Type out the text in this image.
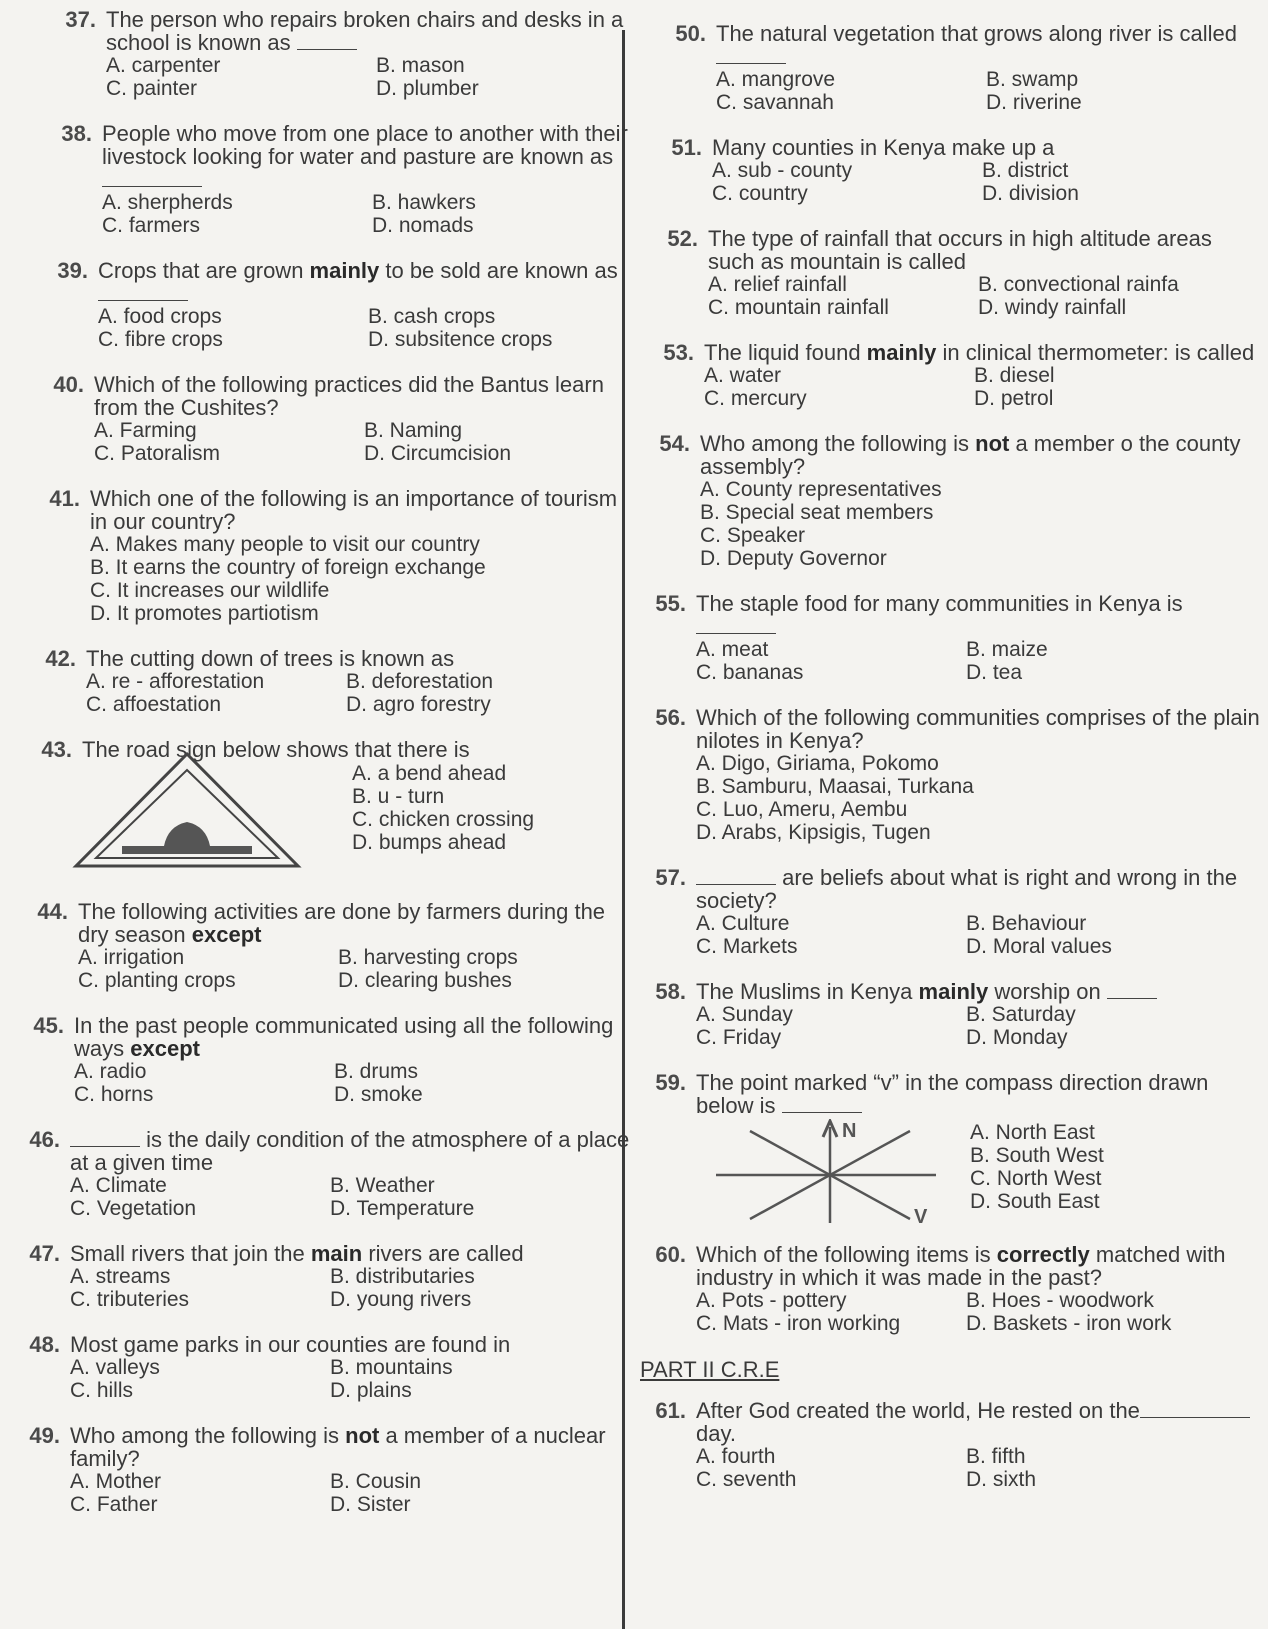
37. The person who repairs broken chairs and desks in a school is known as
A. carpenter	B. mason
C. painter	D. plumber
38. People who move from one place to another with their livestock looking for water and pasture are known as
A. sherpherds	B. hawkers
C. farmers	D. nomads
39. Crops that are grown mainly to be sold are known as
A. food crops	B. cash crops
C. fibre crops	D. subsitence crops
40. Which of the following practices did the Bantus learn from the Cushites?
A. Farming	B. Naming
C. Patoralism	D. Circumcision
41. Which one of the following is an importance of tourism in our country?
A. Makes many people to visit our country
B. It earns the country of foreign exchange
C. It increases our wildlife
D. It promotes partiotism
42. The cutting down of trees is known as
A. re - afforestation	B. deforestation
C. affoestation	D. agro forestry
43. The road sign below shows that there is
A. a bend ahead
B. u - turn
C. chicken crossing
D. bumps ahead
44. The following activities are done by farmers during the dry season except
A. irrigation	B. harvesting crops
C. planting crops	D. clearing bushes
45. In the past people communicated using all the following ways except
A. radio	B. drums
C. horns	D. smoke
46.	is the daily condition of the atmosphere of a place at a given time
A. Climate	B. Weather
C. Vegetation	D. Temperature
47. Small rivers that join the main rivers are called
A. streams	B. distributaries
C. tributeries	D. young rivers
48. Most game parks in our counties are found in
A. valleys	B. mountains
C. hills	D. plains
49. Who among the following is not a member of a nuclear family?
A. Mother	B. Cousin
C. Father	D. Sister
50. The natural vegetation that grows along river is called
A. mangrove	B. swamp
C. savannah	D. riverine
51. Many counties in Kenya make up a
A. sub - county	B. district
C. country	D. division
52. The type of rainfall that occurs in high altitude areas such as mountain is called
A. relief rainfall	B. convectional rainfa
C. mountain rainfall	D. windy rainfall
53. The liquid found mainly in clinical thermometer: is called
A. water	B. diesel
C. mercury	D. petrol
54. Who among the following is not a member o the county assembly?
A. County representatives
B. Special seat members
C. Speaker
D. Deputy Governor
55. The staple food for many communities in Kenya is
A. meat	B. maize
C. bananas	D. tea
56. Which of the following communities comprises of the plain nilotes in Kenya?
A. Digo, Giriama, Pokomo
B. Samburu, Maasai, Turkana
C. Luo, Ameru, Aembu
D. Arabs, Kipsigis, Tugen
57.	are beliefs about what is right and wrong in the society?
A. Culture	B. Behaviour
C. Markets	D. Moral values
58. The Muslims in Kenya mainly worship on
A. Sunday	B. Saturday
C. Friday	D. Monday
59. The point marked “v” in the compass direction drawn below is
N
V
A. North East
B. South West
C. North West
D. South East
60. Which of the following items is correctly matched with industry in which it was made in the past?
A. Pots - pottery	B. Hoes - woodwork
C. Mats - iron working	D. Baskets - iron work
PART II C.R.E
61. After God created the world, He rested on theday.
A. fourth	B. fifth
C. seventh	D. sixth
